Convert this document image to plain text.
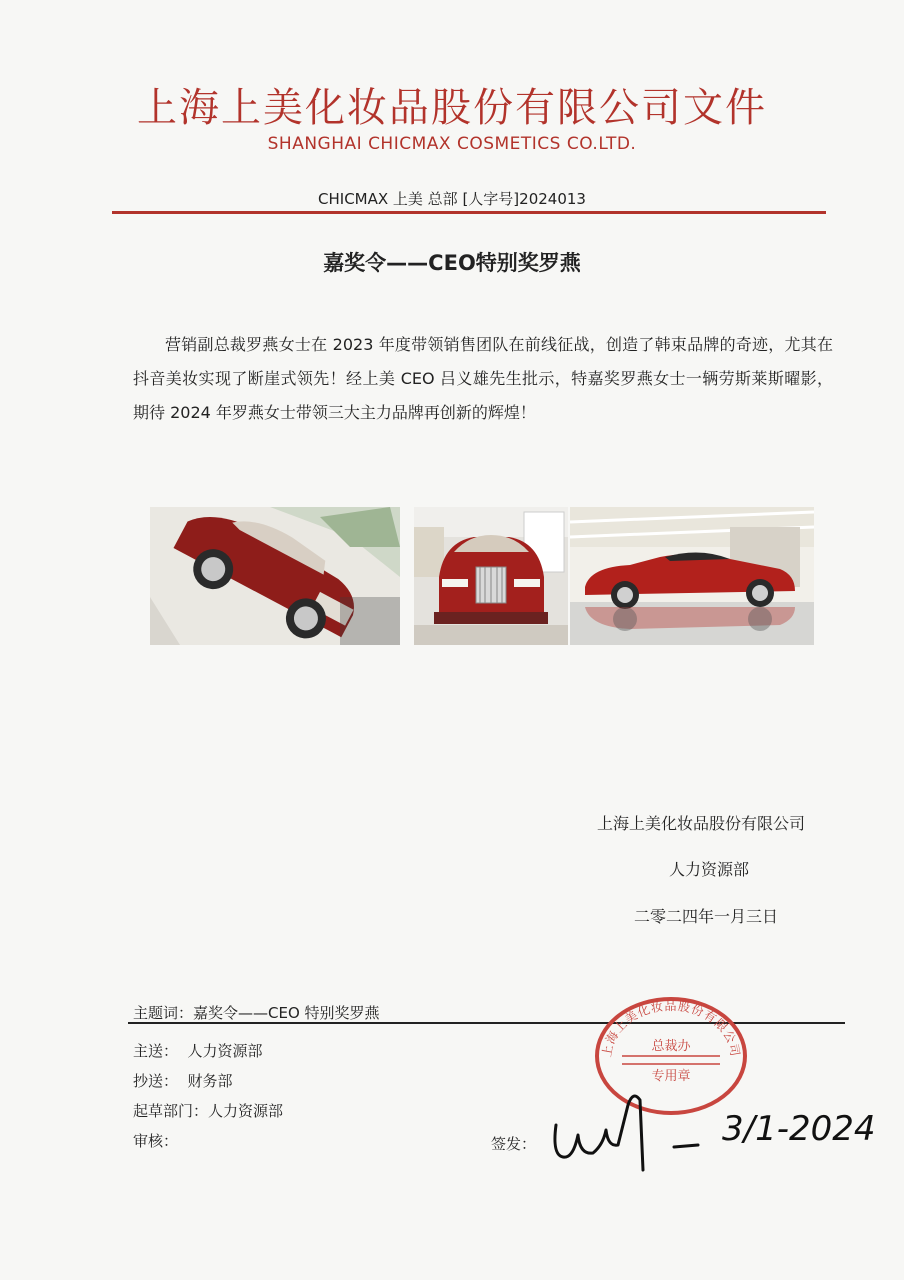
上海上美化妆品股份有限公司文件
SHANGHAI CHICMAX COSMETICS CO.LTD.
CHICMAX 上美 总部 [人字号]2024013
嘉奖令——CEO特别奖罗燕
营销副总裁罗燕女士在 2023 年度带领销售团队在前线征战，创造了韩束品牌的奇迹，尤其在抖音美妆实现了断崖式领先！经上美 CEO 吕义雄先生批示，特嘉奖罗燕女士一辆劳斯莱斯曜影，期待 2024 年罗燕女士带领三大主力品牌再创新的辉煌！
上海上美化妆品股份有限公司
人力资源部
二零二四年一月三日
主题词：嘉奖令——CEO 特别奖罗燕
主送：  人力资源部
抄送：  财务部
起草部门：人力资源部
审核：	签发：
上海上美化妆品股份有限公司
总裁办
专用章
3/1-2024
